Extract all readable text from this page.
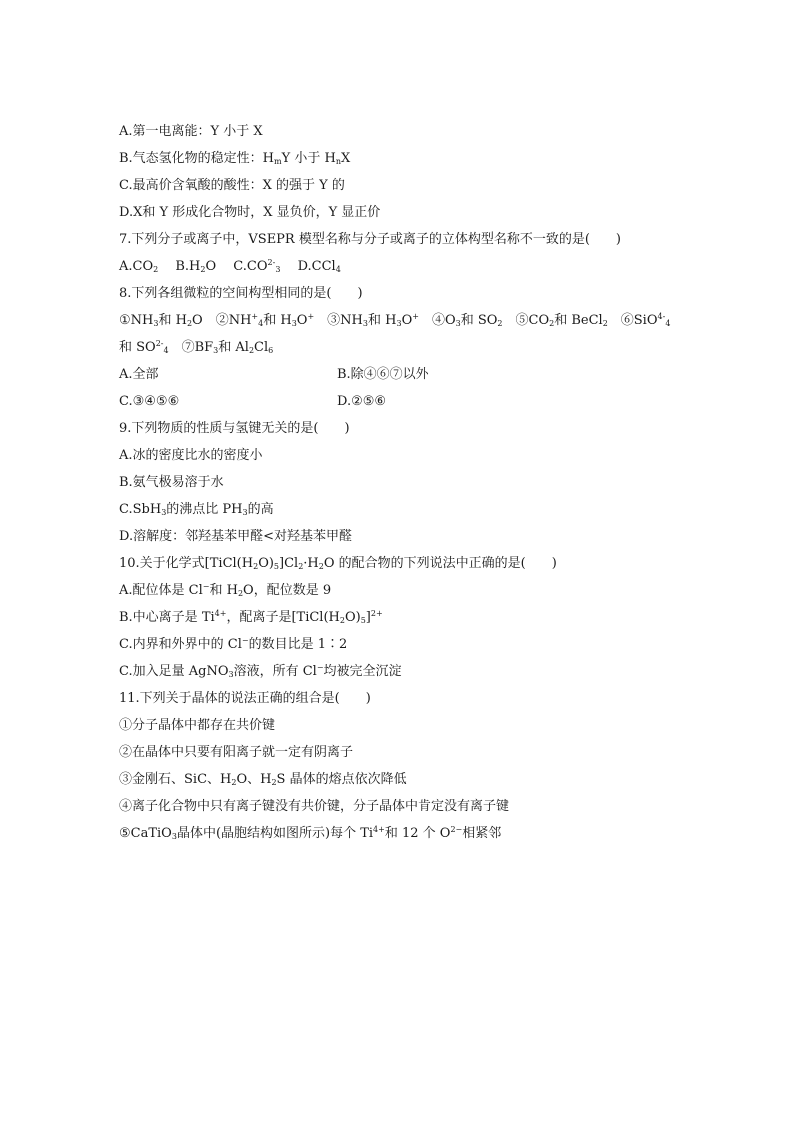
A.第一电离能：Y 小于 X
B.气态氢化物的稳定性：$H_mY$ 小于 $H_nX$
C.最高价含氧酸的酸性：X 的强于 Y 的
D.X和 Y 形成化合物时，X 显负价，Y 显正价
7.下列分子或离子中，VSEPR 模型名称与分子或离子的立体构型名称不一致的是(　　)
$A.CO_2$　 $B.H_2O$　 $C.CO^{2-}_3$　 D.CCl$_4$
8.下列各组微粒的空间构型相同的是(　　)
$①NH_3$和 $H_2O$　$②NH^+_4$和 $H_3O^+$　$③NH_3$和 $H_3O^+$　$④O_3$和 $SO_2$　$⑤CO_2$和 BeCl$_2$　⑥SiO$^{4-}_4$
和 $SO^{2-}_4$　$⑦BF_3$和 $Al_2Cl_6$
A.全部	B.除④⑥⑦以外
C.③④⑤⑥	D.②⑤⑥
9.下列物质的性质与氢键无关的是(　　)
A.冰的密度比水的密度小
B.氨气极易溶于水
C.SbH$_3$的沸点比 $PH_3$的高
D.溶解度：邻羟基苯甲醛<对羟基苯甲醛
10.关于化学式$[TiCl(H_2O)_5]Cl_2\cdot H_2O$ 的配合物的下列说法中正确的是(　　)
A.配位体是 Cl−和 $H_2O$，配位数是 9
B.中心离子是 $Ti^{4+}$，配离子是$[TiCl(H_2O)_5]^{2+}$
C.内界和外界中的 Cl−的数目比是 1∶2
C.加入足量 AgNO$_3$溶液，所有 Cl−均被完全沉淀
11.下列关于晶体的说法正确的组合是(　　)
①分子晶体中都存在共价键
②在晶体中只要有阳离子就一定有阴离子
③金刚石、SiC、$H_2O$、$H_2S$ 晶体的熔点依次降低
④离子化合物中只有离子键没有共价键，分子晶体中肯定没有离子键
⑤CaTiO$_3$晶体中(晶胞结构如图所示)每个 $Ti^{4+}$和 12 个 $O^{2-}$相紧邻
